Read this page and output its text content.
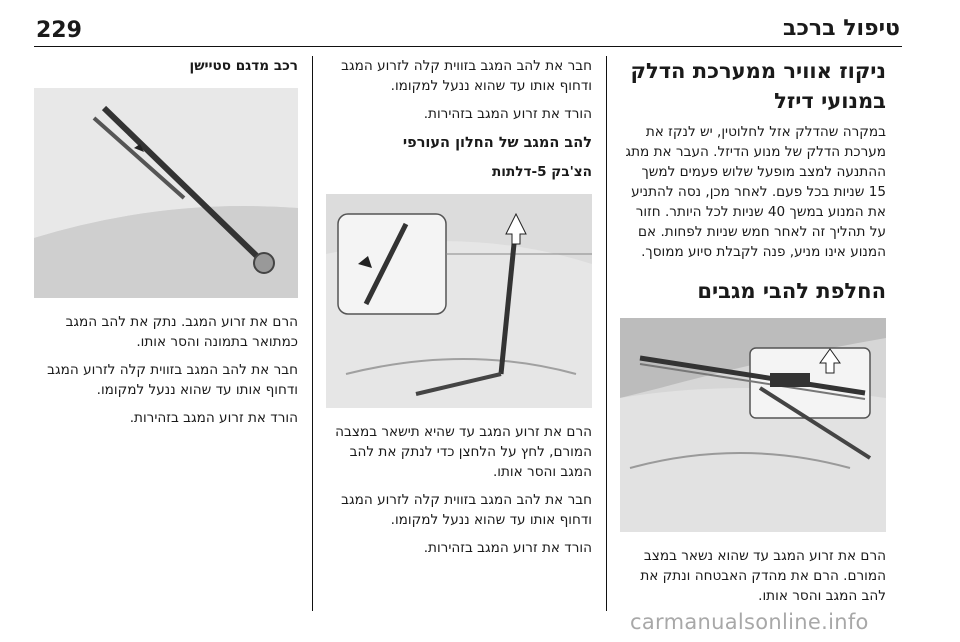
229	טיפול ברכב
ניקוז אוויר ממערכת הדלק במנועי דיזל

במקרה שהדלק אזל לחלוטין, יש לנקז את מערכת הדלק של מנוע הדיזל. העבר את מתג ההתנעה למצב מופעל שלוש פעמים למשך 15 שניות בכל פעם. לאחר מכן, נסה להתניע את המנוע במשך 40 שניות לכל היותר. חזור על תהליך זה לאחר חמש שניות לפחות. אם המנוע אינו מניע, פנה לקבלת סיוע ממוסך.

החלפת להבי מגבים

הרם את זרוע המגב עד שהוא נשאר במצב המורם. הרם את מהדק האבטחה ונתק את להב המגב והסר אותו.

חבר את להב המגב בזווית קלה לזרוע המגב ודחוף אותו עד שהוא ננעל למקומו.

הורד את זרוע המגב בזהירות.

להב המגב של החלון העורפי
הצ'בק 5-דלתות

הרם את זרוע המגב עד שהיא תישאר במצבה המורם, לחץ על הלחצן כדי לנתק את להב המגב והסר אותו.

חבר את להב המגב בזווית קלה לזרוע המגב ודחוף אותו עד שהוא ננעל למקומו.

הורד את זרוע המגב בזהירות.

רכב מדגם סטיישן

הרם את זרוע המגב. נתק את להב המגב כמתואר בתמונה והסר אותו.

חבר את להב המגב בזווית קלה לזרוע המגב ודחוף אותו עד שהוא ננעל למקומו.

הורד את זרוע המגב בזהירות.

carmanualsonline.info
